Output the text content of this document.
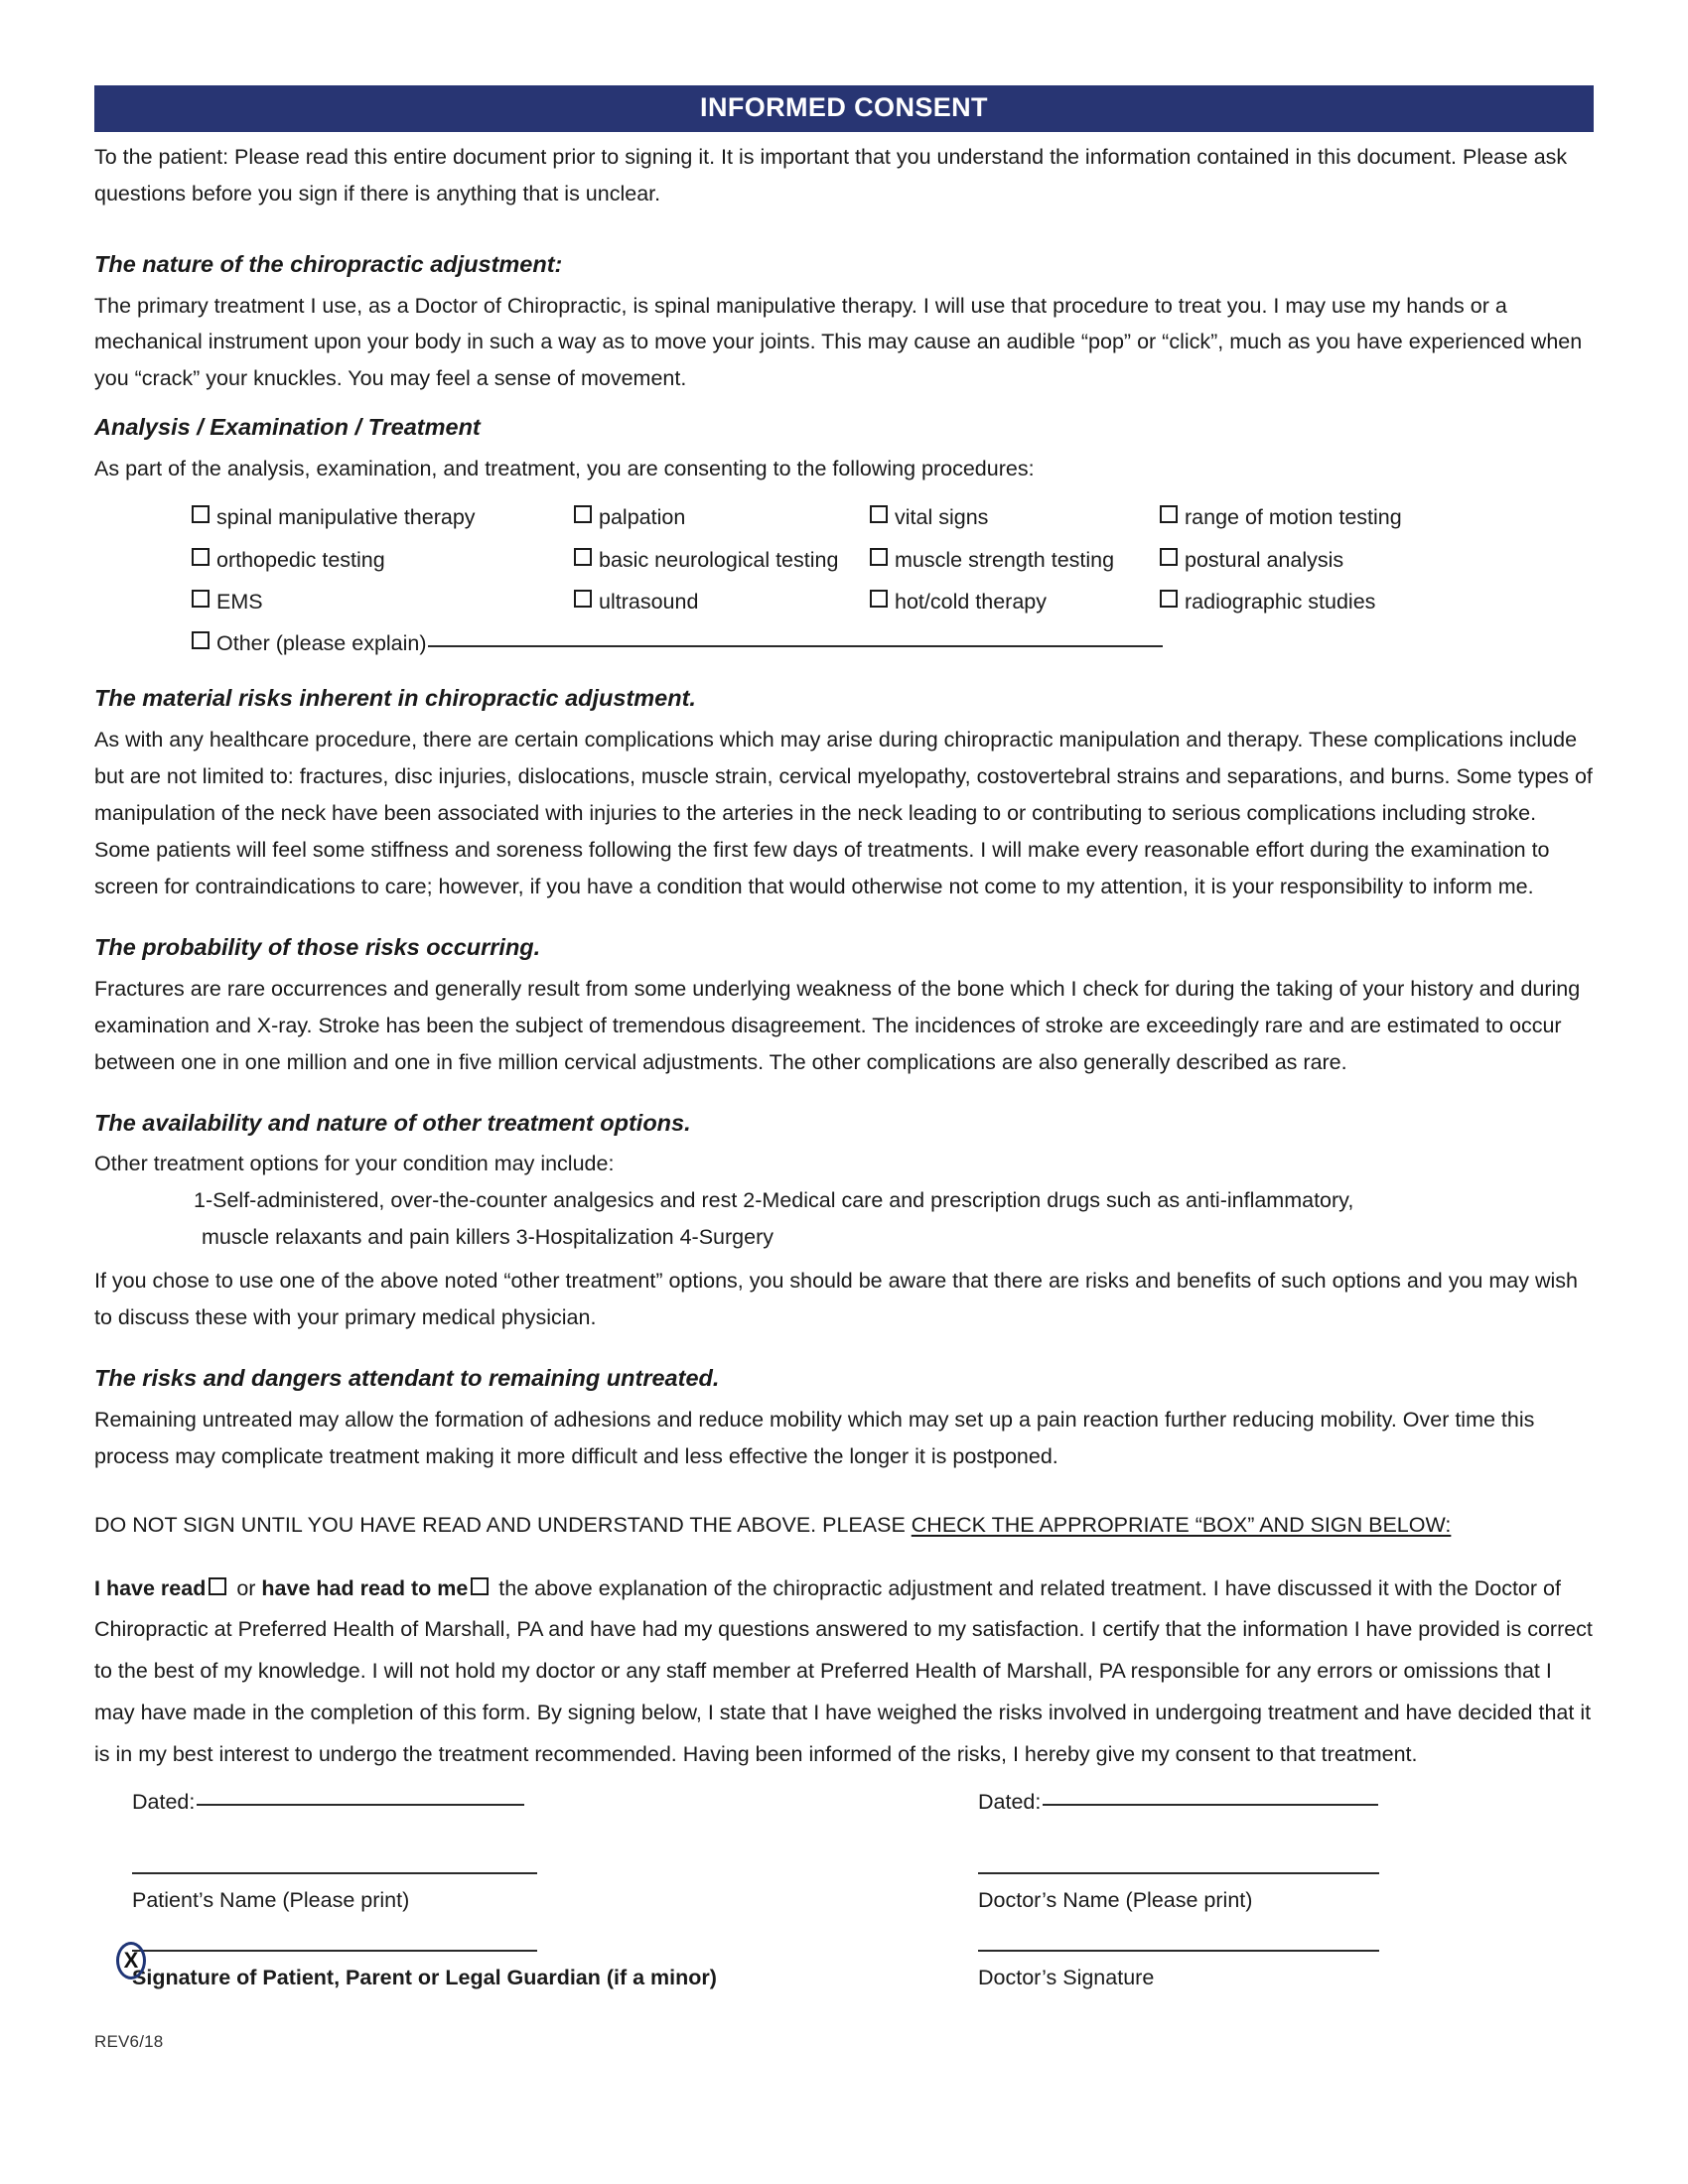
INFORMED CONSENT

To the patient: Please read this entire document prior to signing it. It is important that you understand the information contained in this document. Please ask questions before you sign if there is anything that is unclear.

The nature of the chiropractic adjustment:

The primary treatment I use, as a Doctor of Chiropractic, is spinal manipulative therapy. I will use that procedure to treat you. I may use my hands or a mechanical instrument upon your body in such a way as to move your joints. This may cause an audible “pop” or “click”, much as you have experienced when you “crack” your knuckles. You may feel a sense of movement.

Analysis / Examination / Treatment

As part of the analysis, examination, and treatment, you are consenting to the following procedures:

spinal manipulative therapy	palpation	vital signs	range of motion testing
orthopedic testing	basic neurological testing	muscle strength testing	postural analysis
EMS	ultrasound	hot/cold therapy	radiographic studies
Other (please explain)
The material risks inherent in chiropractic adjustment.

As with any healthcare procedure, there are certain complications which may arise during chiropractic manipulation and therapy. These complications include but are not limited to: fractures, disc injuries, dislocations, muscle strain, cervical myelopathy, costovertebral strains and separations, and burns. Some types of manipulation of the neck have been associated with injuries to the arteries in the neck leading to or contributing to serious complications including stroke. Some patients will feel some stiffness and soreness following the first few days of treatments. I will make every reasonable effort during the examination to screen for contraindications to care; however, if you have a condition that would otherwise not come to my attention, it is your responsibility to inform me.

The probability of those risks occurring.

Fractures are rare occurrences and generally result from some underlying weakness of the bone which I check for during the taking of your history and during examination and X-ray. Stroke has been the subject of tremendous disagreement. The incidences of stroke are exceedingly rare and are estimated to occur between one in one million and one in five million cervical adjustments. The other complications are also generally described as rare.

The availability and nature of other treatment options.

Other treatment options for your condition may include:

1-Self-administered, over-the-counter analgesics and rest 2-Medical care and prescription drugs such as anti-inflammatory,
muscle relaxants and pain killers 3-Hospitalization 4-Surgery

If you chose to use one of the above noted “other treatment” options, you should be aware that there are risks and benefits of such options and you may wish to discuss these with your primary medical physician.

The risks and dangers attendant to remaining untreated.

Remaining untreated may allow the formation of adhesions and reduce mobility which may set up a pain reaction further reducing mobility. Over time this process may complicate treatment making it more difficult and less effective the longer it is postponed.

DO NOT SIGN UNTIL YOU HAVE READ AND UNDERSTAND THE ABOVE. PLEASE CHECK THE APPROPRIATE “BOX” AND SIGN BELOW:
I have read or have had read to me the above explanation of the chiropractic adjustment and related treatment. I have discussed it with the Doctor of Chiropractic at Preferred Health of Marshall, PA and have had my questions answered to my satisfaction. I certify that the information I have provided is correct to the best of my knowledge. I will not hold my doctor or any staff member at Preferred Health of Marshall, PA responsible for any errors or omissions that I may have made in the completion of this form. By signing below, I state that I have weighed the risks involved in undergoing treatment and have decided that it is in my best interest to undergo the treatment recommended. Having been informed of the risks, I hereby give my consent to that treatment.
Dated:	Dated:
Patient’s Name (Please print)	Doctor’s Name (Please print)
X
Signature of Patient, Parent or Legal Guardian (if a minor)	Doctor’s Signature
REV6/18
